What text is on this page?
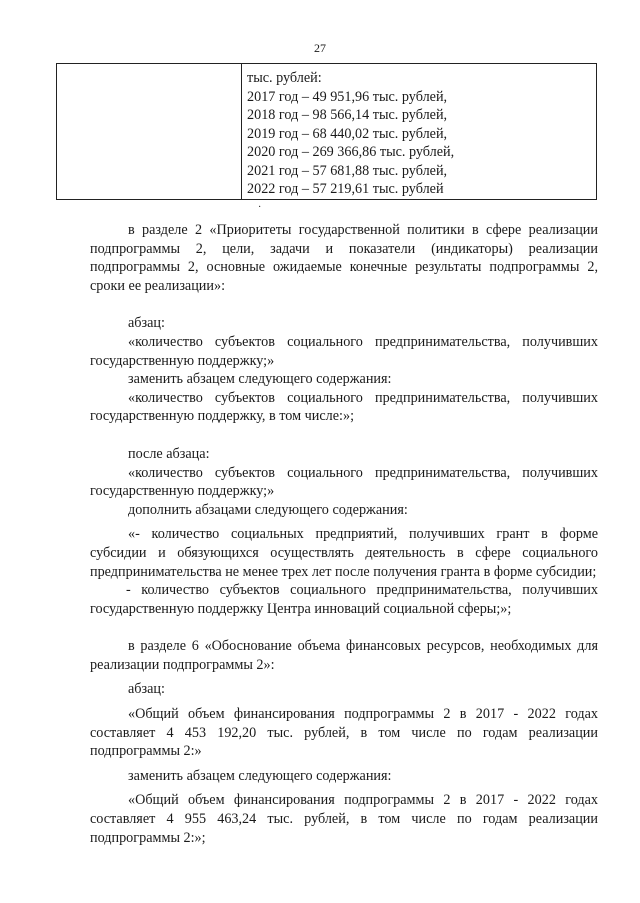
27

тыс. рублей:
2017 год – 49 951,96 тыс. рублей,
2018 год – 98 566,14 тыс. рублей,
2019 год – 68 440,02 тыс. рублей,
2020 год – 269 366,86 тыс. рублей,
2021 год – 57 681,88 тыс. рублей,
2022 год – 57 219,61 тыс. рублей
·

в разделе 2 «Приоритеты государственной политики в сфере реализации подпрограммы 2, цели, задачи и показатели (индикаторы) реализации подпрограммы 2, основные ожидаемые конечные результаты подпрограммы 2, сроки ее реализации»:

абзац:

«количество субъектов социального предпринимательства, получивших государственную поддержку;»

заменить абзацем следующего содержания:

«количество субъектов социального предпринимательства, получивших государственную поддержку, в том числе:»;

после абзаца:

«количество субъектов социального предпринимательства, получивших государственную поддержку;»

дополнить абзацами следующего содержания:

«- количество социальных предприятий, получивших грант в форме субсидии и обязующихся осуществлять деятельность в сфере социального предпринимательства не менее трех лет после получения гранта в форме субсидии;

- количество субъектов социального предпринимательства, получивших государственную поддержку Центра инноваций социальной сферы;»;

в разделе 6 «Обоснование объема финансовых ресурсов, необходимых для реализации подпрограммы 2»:

абзац:

«Общий объем финансирования подпрограммы 2 в 2017 - 2022 годах составляет 4 453 192,20 тыс. рублей, в том числе по годам реализации подпрограммы 2:»

заменить абзацем следующего содержания:

«Общий объем финансирования подпрограммы 2 в 2017 - 2022 годах составляет 4 955 463,24 тыс. рублей, в том числе по годам реализации подпрограммы 2:»;
